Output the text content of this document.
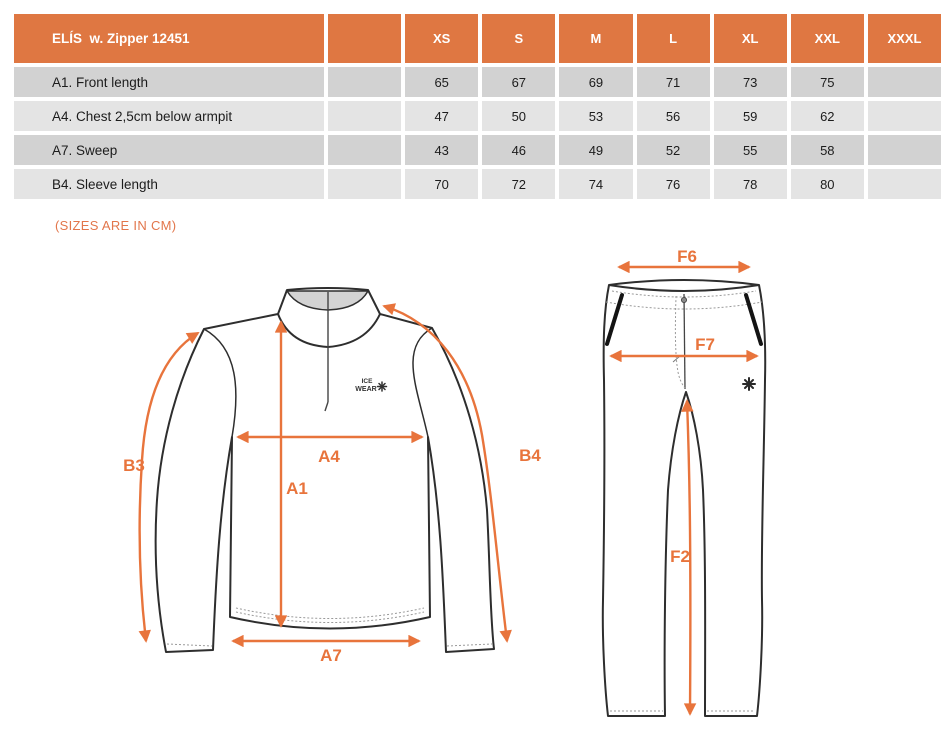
ELÍS  w. Zipper 12451	XS	S	M	L	XL	XXL	XXXL
A1. Front length	65	67	69	71	73	75
A4. Chest 2,5cm below armpit	47	50	53	56	59	62
A7. Sweep	43	46	49	52	55	58
B4. Sleeve length	70	72	74	76	78	80
(SIZES ARE IN CM)
ICE
WEAR
B3	A4
A1
A7
B4
F6
F7
F2
